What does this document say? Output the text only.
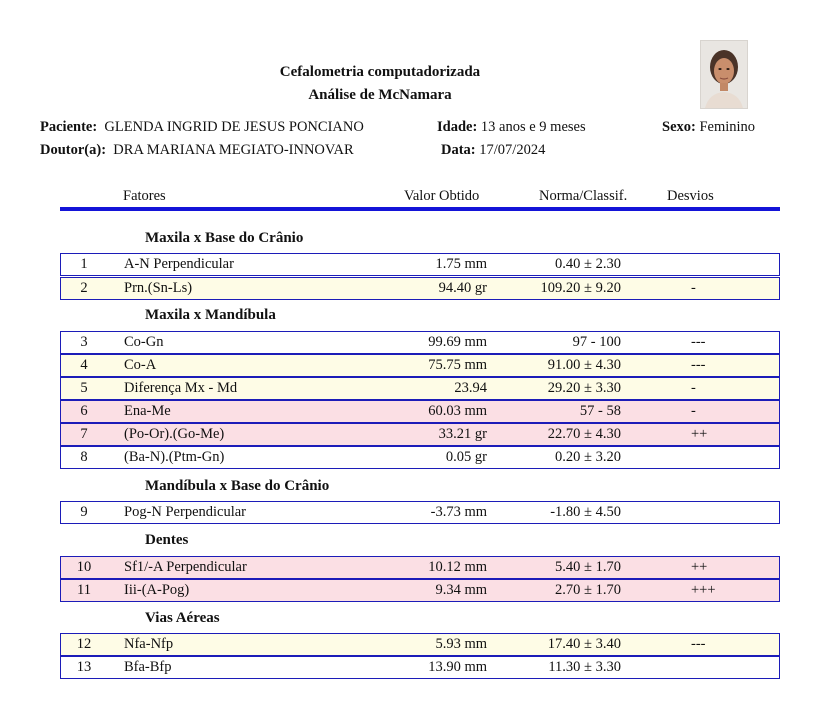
Cefalometria computadorizada
Análise de McNamara
Paciente: GLENDA INGRID DE JESUS PONCIANO	Idade: 13 anos e 9 meses	Sexo: Feminino
Doutor(a): DRA MARIANA MEGIATO-INNOVAR	Data: 17/07/2024
Fatores	Valor Obtido	Norma/Classif.	Desvios
Maxila x Base do Crânio
Maxila x Mandíbula
Mandíbula x Base do Crânio
Dentes
Vias Aéreas
1	A-N Perpendicular	1.75 mm	0.40 ± 2.30
2	Prn.(Sn-Ls)	94.40 gr	109.20 ± 9.20	-
3	Co-Gn	99.69 mm	97 - 100	---
4	Co-A	75.75 mm	91.00 ± 4.30	---
5	Diferença Mx - Md	23.94	29.20 ± 3.30	-
6	Ena-Me	60.03 mm	57 - 58	-
7	(Po-Or).(Go-Me)	33.21 gr	22.70 ± 4.30	++
8	(Ba-N).(Ptm-Gn)	0.05 gr	0.20 ± 3.20
9	Pog-N Perpendicular	-3.73 mm	-1.80 ± 4.50
10	Sf1/-A Perpendicular	10.12 mm	5.40 ± 1.70	++
11	Iii-(A-Pog)	9.34 mm	2.70 ± 1.70	+++
12	Nfa-Nfp	5.93 mm	17.40 ± 3.40	---
13	Bfa-Bfp	13.90 mm	11.30 ± 3.30
